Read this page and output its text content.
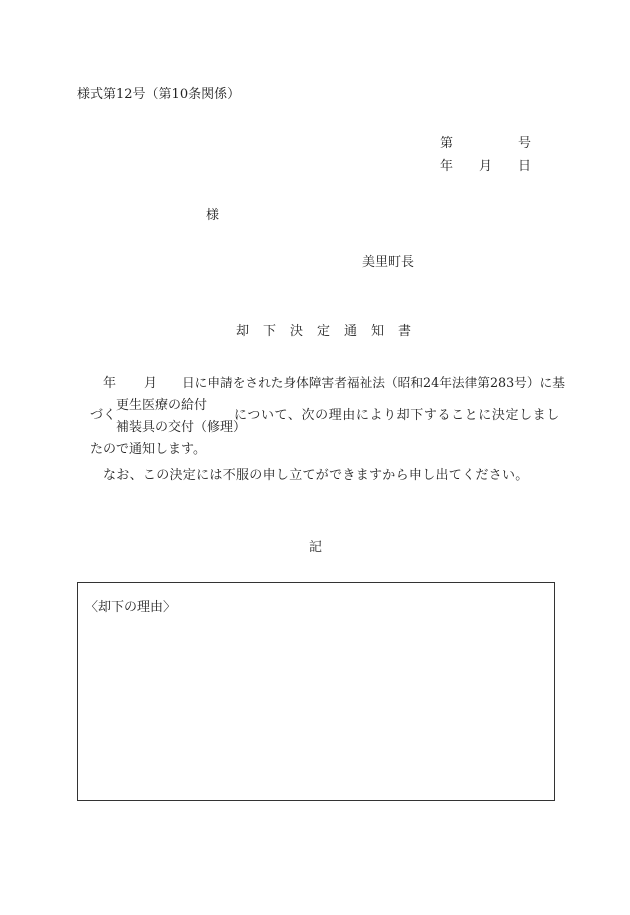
様式第12号（第10条関係）
第	号
年 月 日
様
美里町長
却　下　決　定　通　知　書
年 月 日に申請をされた身体障害者福祉法（昭和24年法律第283号）に基
づく
更生医療の給付
補装具の交付（修理）
について、次の理由により却下することに決定しまし
たので通知します。
なお、この決定には不服の申し立てができますから申し出てください。
記
〈却下の理由〉
